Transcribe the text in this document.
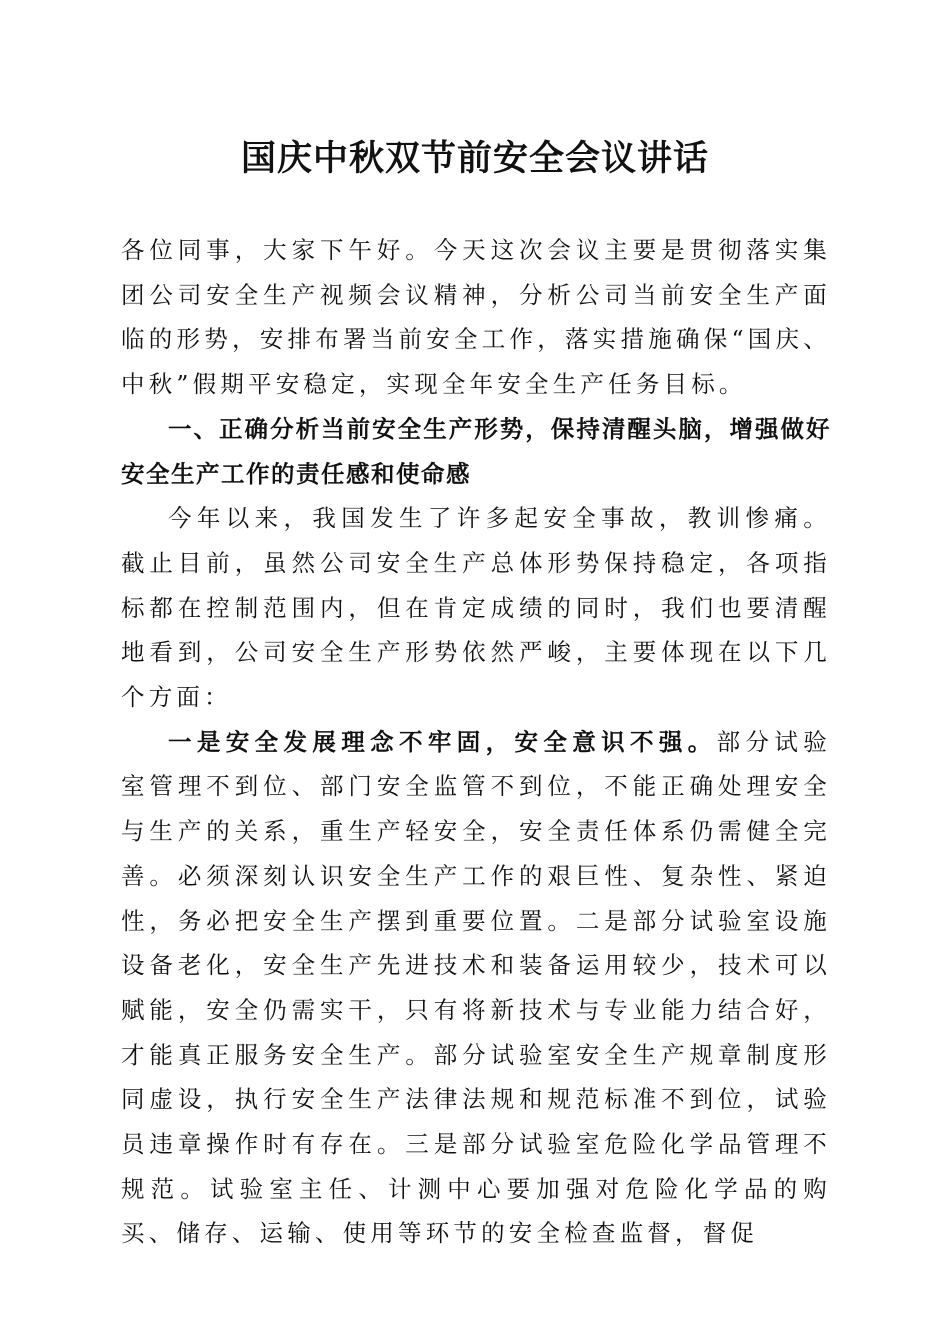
国庆中秋双节前安全会议讲话

各位同事，大家下午好。今天这次会议主要是贯彻落实集团公司安全生产视频会议精神，分析公司当前安全生产面临的形势，安排布署当前安全工作，落实措施确保“国庆、中秋”假期平安稳定，实现全年安全生产任务目标。

一、正确分析当前安全生产形势，保持清醒头脑，增强做好安全生产工作的责任感和使命感

今年以来，我国发生了许多起安全事故，教训惨痛。截止目前，虽然公司安全生产总体形势保持稳定，各项指标都在控制范围内，但在肯定成绩的同时，我们也要清醒地看到，公司安全生产形势依然严峻，主要体现在以下几个方面：

一是安全发展理念不牢固，安全意识不强。部分试验室管理不到位、部门安全监管不到位，不能正确处理安全与生产的关系，重生产轻安全，安全责任体系仍需健全完善。必须深刻认识安全生产工作的艰巨性、复杂性、紧迫性，务必把安全生产摆到重要位置。二是部分试验室设施设备老化，安全生产先进技术和装备运用较少，技术可以赋能，安全仍需实干，只有将新技术与专业能力结合好，才能真正服务安全生产。部分试验室安全生产规章制度形同虚设，执行安全生产法律法规和规范标准不到位，试验员违章操作时有存在。三是部分试验室危险化学品管理不规范。试验室主任、计测中心要加强对危险化学品的购买、储存、运输、使用等环节的安全检查监督，督促
